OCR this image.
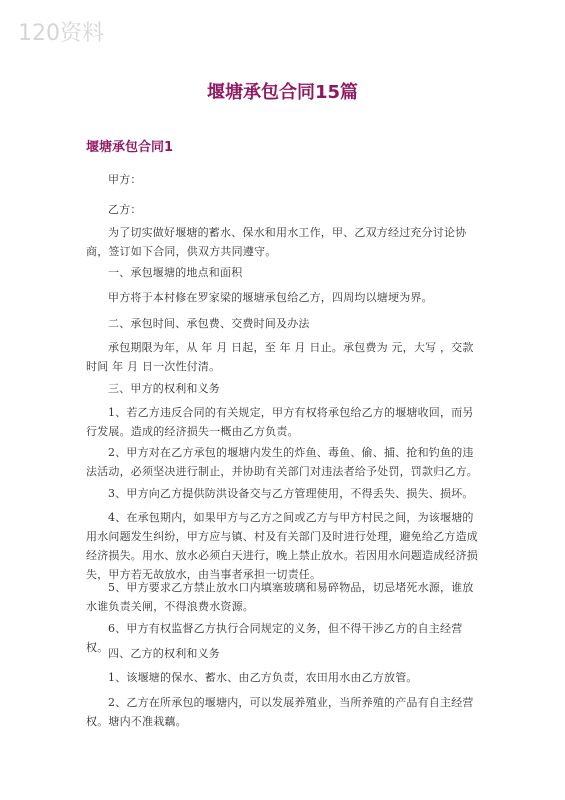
120资料
堰塘承包合同15篇
堰塘承包合同1
甲方：
乙方：
为了切实做好堰塘的蓄水、保水和用水工作，甲、乙双方经过充分讨论协商，签订如下合同，供双方共同遵守。
一、承包堰塘的地点和面积
甲方将于本村修在罗家梁的堰塘承包给乙方，四周均以塘埂为界。
二、承包时间、承包费、交费时间及办法
承包期限为年，从 年 月 日起，至 年 月 日止。承包费为 元，大写 ，交款时间 年 月 日一次性付清。
三、甲方的权利和义务
1、若乙方违反合同的有关规定，甲方有权将承包给乙方的堰塘收回，而另行发展。造成的经济损失一概由乙方负责。
2、甲方对在乙方承包的堰塘内发生的炸鱼、毒鱼、偷、捕、抢和钓鱼的违法活动，必须坚决进行制止，并协助有关部门对违法者给予处罚，罚款归乙方。
3、甲方向乙方提供防洪设备交与乙方管理使用，不得丢失、损失、损坏。
4、在承包期内，如果甲方与乙方之间或乙方与甲方村民之间，为该堰塘的用水问题发生纠纷，甲方应与镇、村及有关部门及时进行处理，避免给乙方造成经济损失。用水、放水必须白天进行，晚上禁止放水。若因用水问题造成经济损失，甲方若无故放水，由当事者承担一切责任。
5、甲方要求乙方禁止放水口内填塞玻璃和易碎物品，切忌堵死水源，谁放水谁负责关闸，不得浪费水资源。
6、甲方有权监督乙方执行合同规定的义务，但不得干涉乙方的自主经营权。 四、乙方的权利和义务
1、该堰塘的保水、蓄水、由乙方负责，农田用水由乙方放管。
2、乙方在所承包的堰塘内，可以发展养殖业，当所养殖的产品有自主经营权。塘内不准栽藕。
